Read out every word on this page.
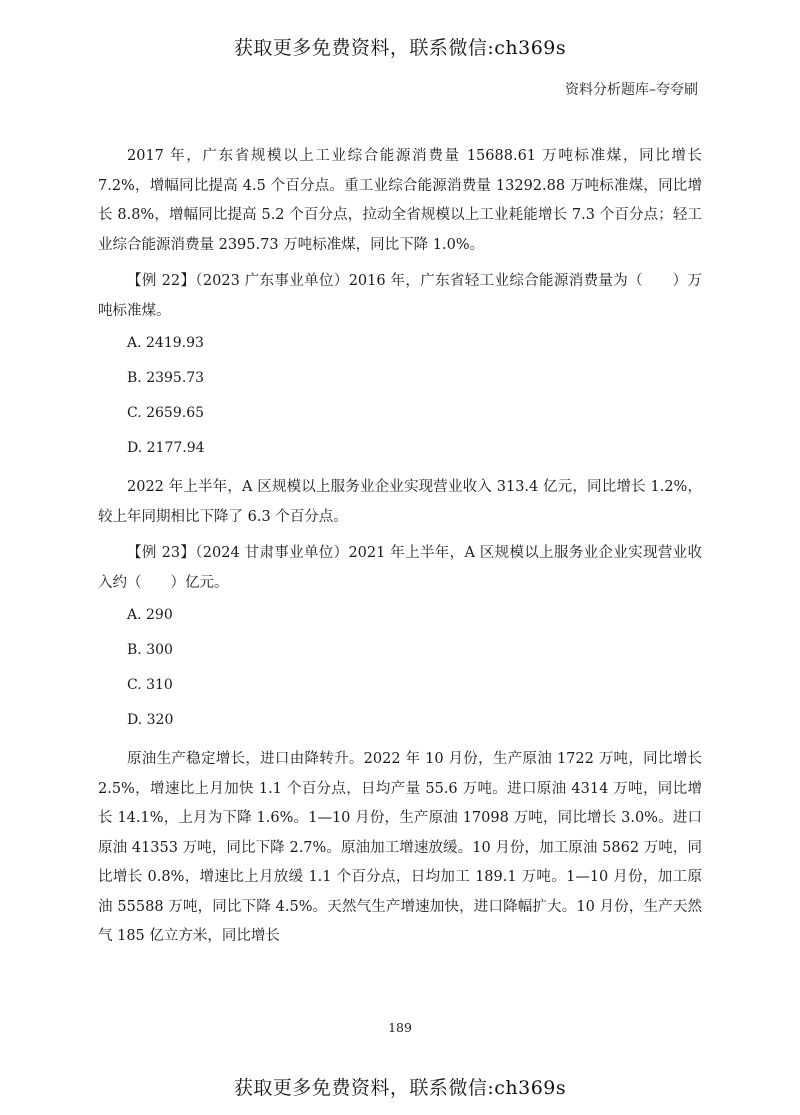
获取更多免费资料，联系微信:ch369s
资料分析题库–夸夸刷

2017 年，广东省规模以上工业综合能源消费量 15688.61 万吨标准煤，同比增长 7.2%，增幅同比提高 4.5 个百分点。重工业综合能源消费量 13292.88 万吨标准煤，同比增长 8.8%，增幅同比提高 5.2 个百分点，拉动全省规模以上工业耗能增长 7.3 个百分点；轻工业综合能源消费量 2395.73 万吨标准煤，同比下降 1.0%。

【例 22】（2023 广东事业单位）2016 年，广东省轻工业综合能源消费量为（　　）万吨标准煤。

A. 2419.93
B. 2395.73
C. 2659.65
D. 2177.94

2022 年上半年，A 区规模以上服务业企业实现营业收入 313.4 亿元，同比增长 1.2%，较上年同期相比下降了 6.3 个百分点。

【例 23】（2024 甘肃事业单位）2021 年上半年，A 区规模以上服务业企业实现营业收入约（　　）亿元。

A. 290
B. 300
C. 310
D. 320

原油生产稳定增长，进口由降转升。2022 年 10 月份，生产原油 1722 万吨，同比增长 2.5%，增速比上月加快 1.1 个百分点，日均产量 55.6 万吨。进口原油 4314 万吨，同比增长 14.1%，上月为下降 1.6%。1—10 月份，生产原油 17098 万吨，同比增长 3.0%。进口原油 41353 万吨，同比下降 2.7%。原油加工增速放缓。10 月份，加工原油 5862 万吨，同比增长 0.8%，增速比上月放缓 1.1 个百分点，日均加工 189.1 万吨。1—10 月份，加工原油 55588 万吨，同比下降 4.5%。天然气生产增速加快，进口降幅扩大。10 月份，生产天然气 185 亿立方米，同比增长

189
获取更多免费资料，联系微信:ch369s
